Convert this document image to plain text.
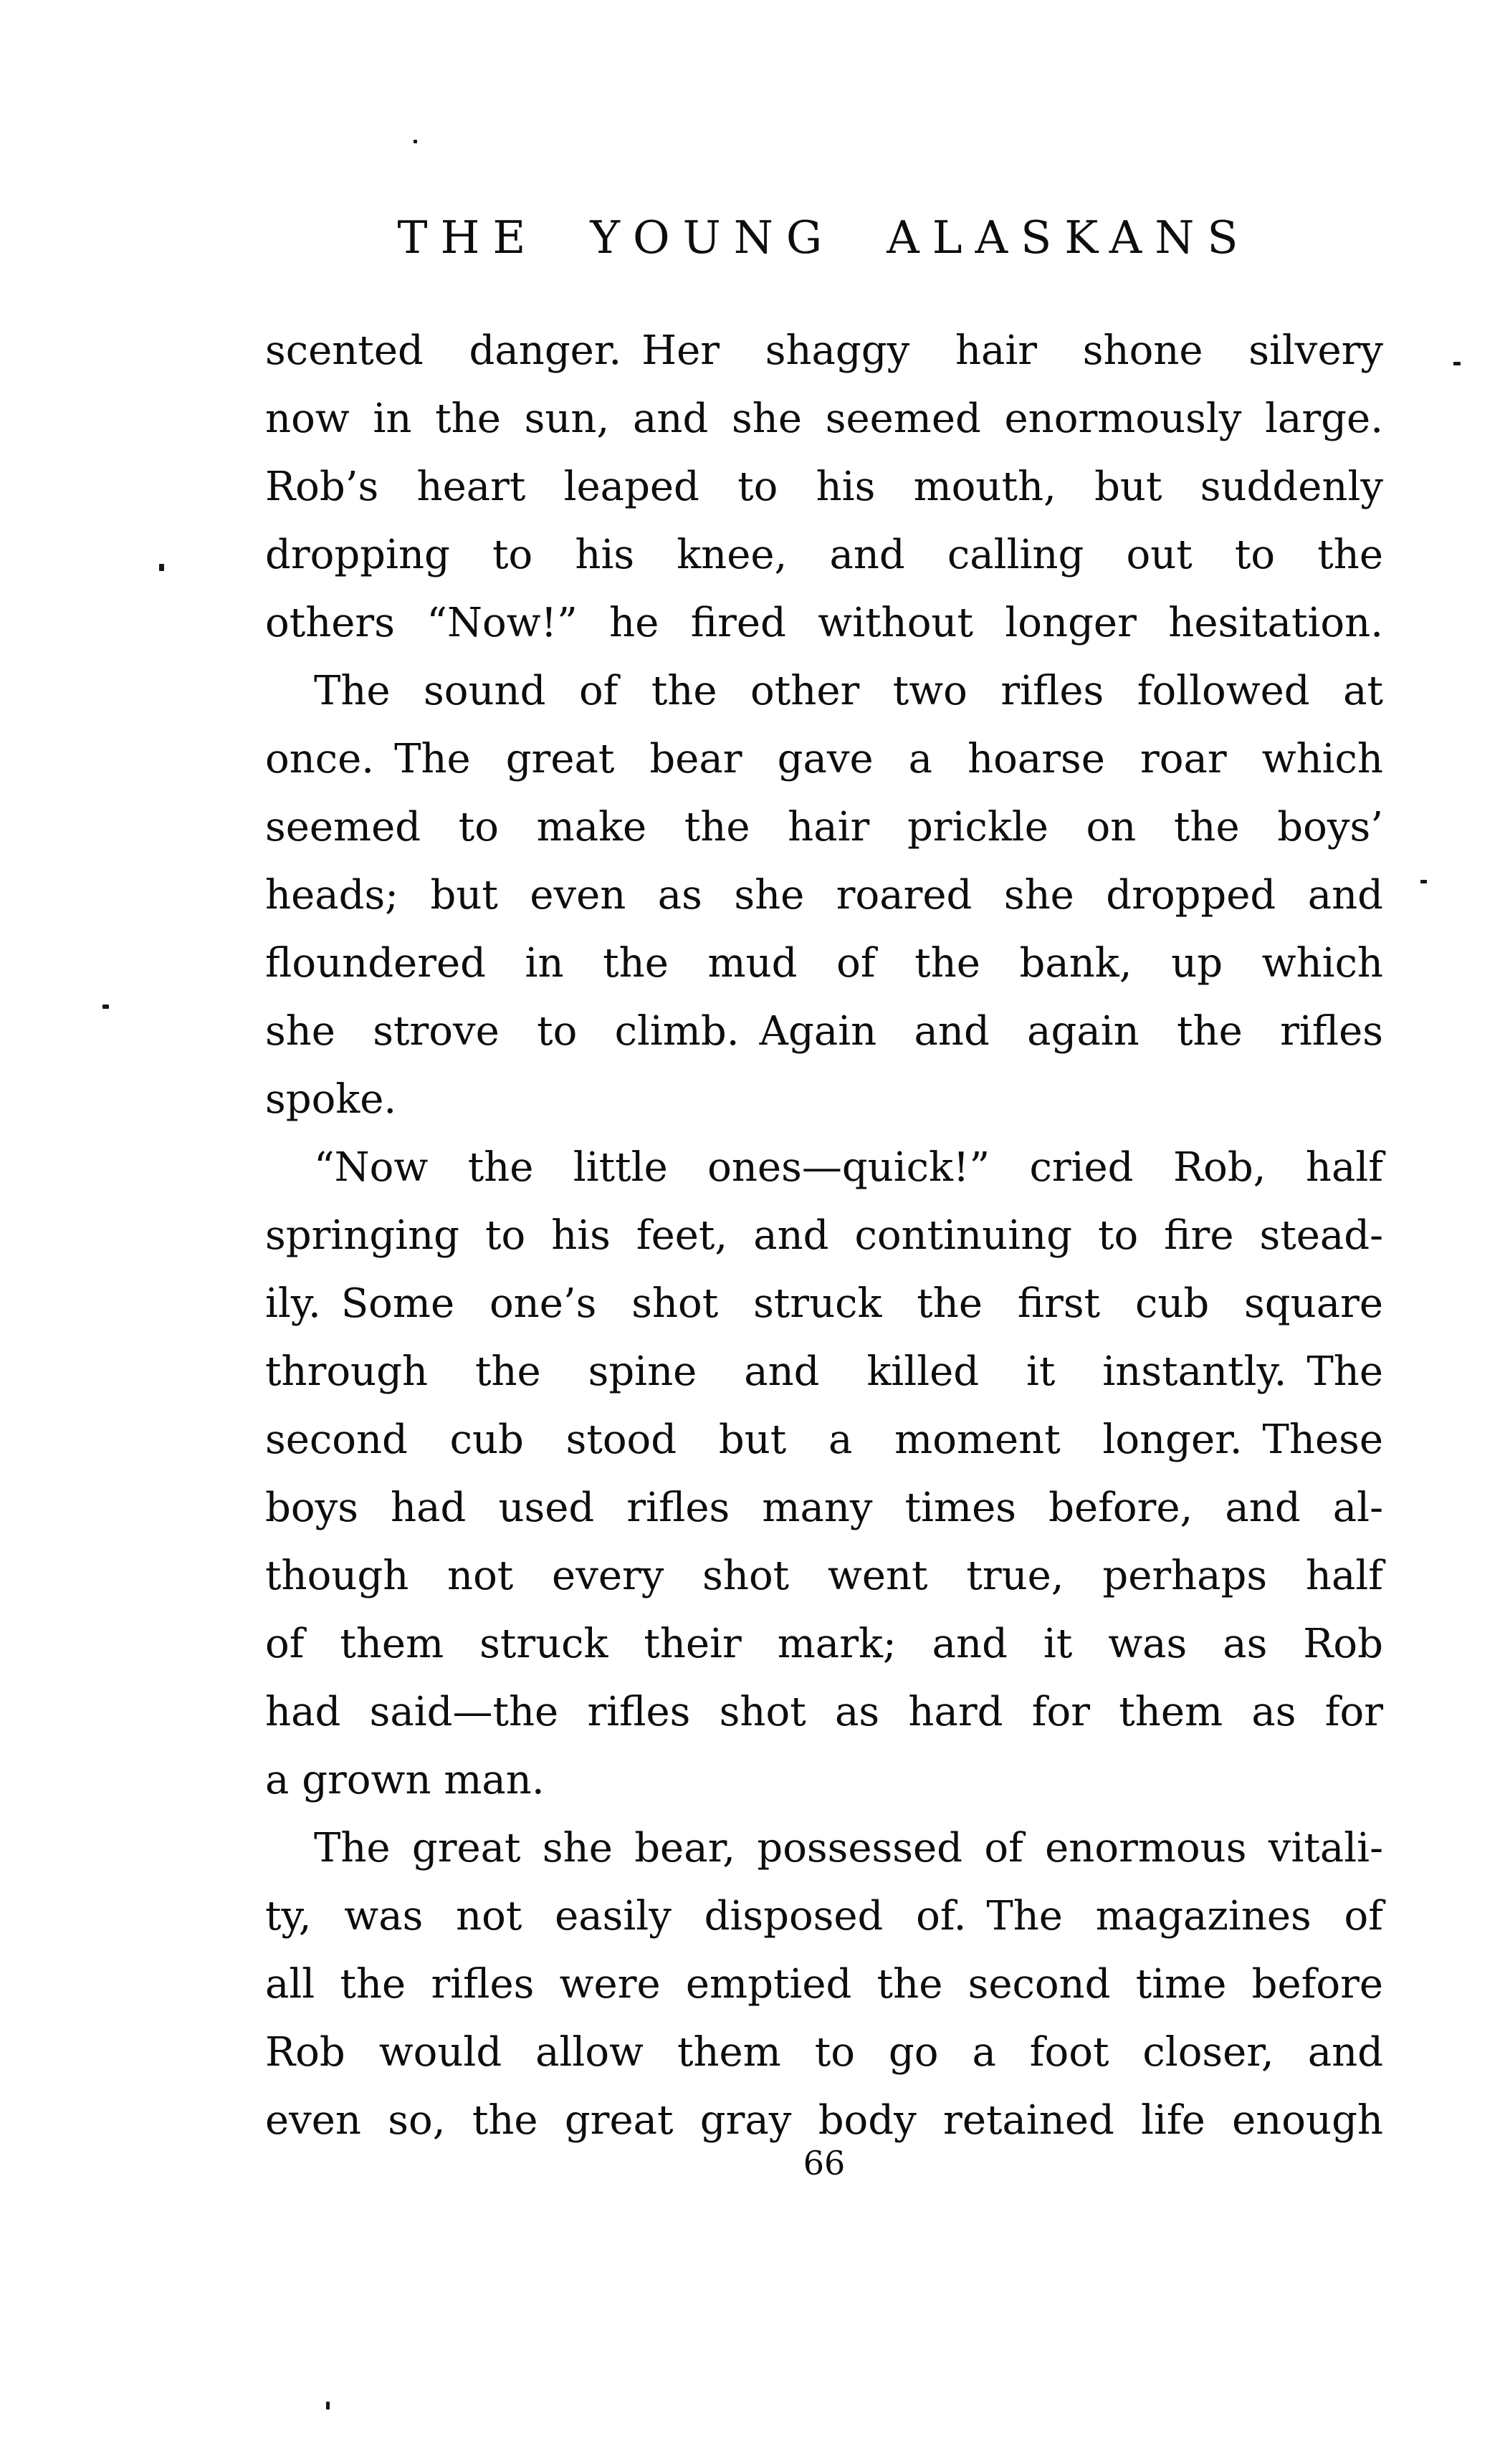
THE YOUNG ALASKANS
scented danger. Her shaggy hair shone silvery
now in the sun, and she seemed enormously large.
Rob’s heart leaped to his mouth, but suddenly
dropping to his knee, and calling out to the
others “Now!” he fired without longer hesitation.
The sound of the other two rifles followed at
once. The great bear gave a hoarse roar which
seemed to make the hair prickle on the boys’
heads; but even as she roared she dropped and
floundered in the mud of the bank, up which
she strove to climb. Again and again the rifles
spoke.
“Now the little ones—quick!” cried Rob, half
springing to his feet, and continuing to fire stead-
ily. Some one’s shot struck the first cub square
through the spine and killed it instantly. The
second cub stood but a moment longer. These
boys had used rifles many times before, and al-
though not every shot went true, perhaps half
of them struck their mark; and it was as Rob
had said—the rifles shot as hard for them as for
a grown man.
The great she bear, possessed of enormous vitali-
ty, was not easily disposed of. The magazines of
all the rifles were emptied the second time before
Rob would allow them to go a foot closer, and
even so, the great gray body retained life enough
66
